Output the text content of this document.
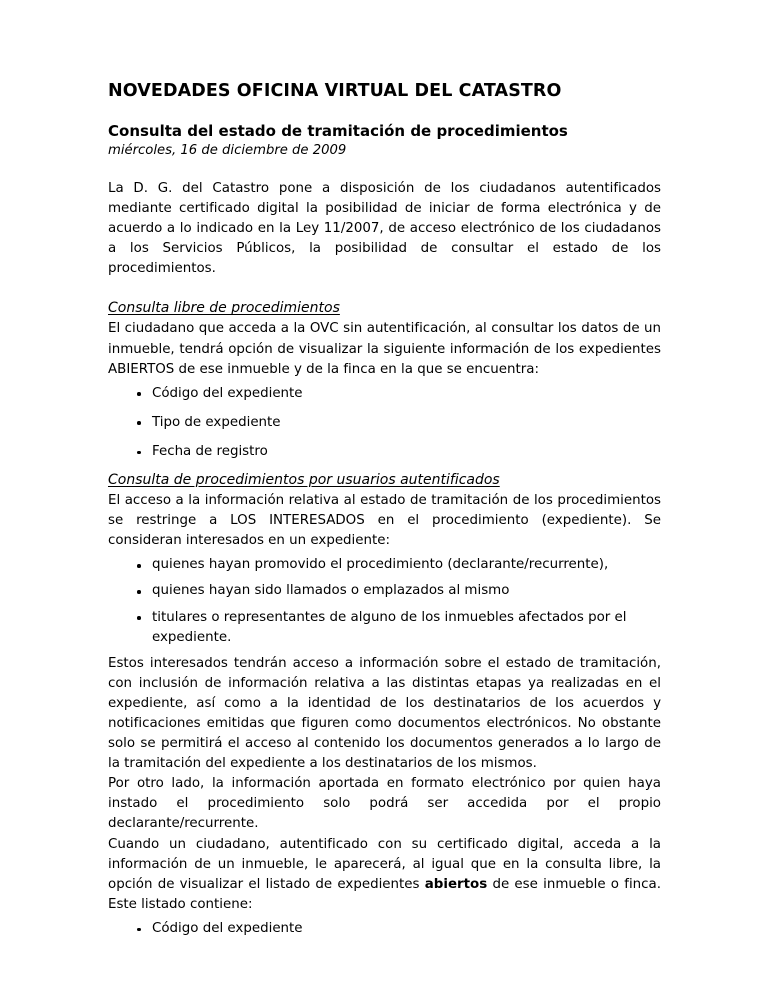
NOVEDADES OFICINA VIRTUAL DEL CATASTRO
Consulta del estado de tramitación de procedimientos
miércoles, 16 de diciembre de 2009

La D. G. del Catastro pone a disposición de los ciudadanos autentificados mediante certificado digital la posibilidad de iniciar de forma electrónica y de acuerdo a lo indicado en la Ley 11/2007, de acceso electrónico de los ciudadanos a los Servicios Públicos, la posibilidad de consultar el estado de los procedimientos.

Consulta libre de procedimientos

El ciudadano que acceda a la OVC sin autentificación, al consultar los datos de un inmueble, tendrá opción de visualizar la siguiente información de los expedientes ABIERTOS de ese inmueble y de la finca en la que se encuentra:

Código del expediente
Tipo de expediente
Fecha de registro
Consulta de procedimientos por usuarios autentificados

El acceso a la información relativa al estado de tramitación de los procedimientos se restringe a LOS INTERESADOS en el procedimiento (expediente). Se consideran interesados en un expediente:

quienes hayan promovido el procedimiento (declarante/recurrente),
quienes hayan sido llamados o emplazados al mismo
titulares o representantes de alguno de los inmuebles afectados por el expediente.

Estos interesados tendrán acceso a información sobre el estado de tramitación, con inclusión de información relativa a las distintas etapas ya realizadas en el expediente, así como a la identidad de los destinatarios de los acuerdos y notificaciones emitidas que figuren como documentos electrónicos. No obstante solo se permitirá el acceso al contenido los documentos generados a lo largo de la tramitación del expediente a los destinatarios de los mismos.

Por otro lado, la información aportada en formato electrónico por quien haya instado el procedimiento solo podrá ser accedida por el propio declarante/recurrente.

Cuando un ciudadano, autentificado con su certificado digital, acceda a la información de un inmueble, le aparecerá, al igual que en la consulta libre, la opción de visualizar el listado de expedientes abiertos de ese inmueble o finca. Este listado contiene:

Código del expediente
